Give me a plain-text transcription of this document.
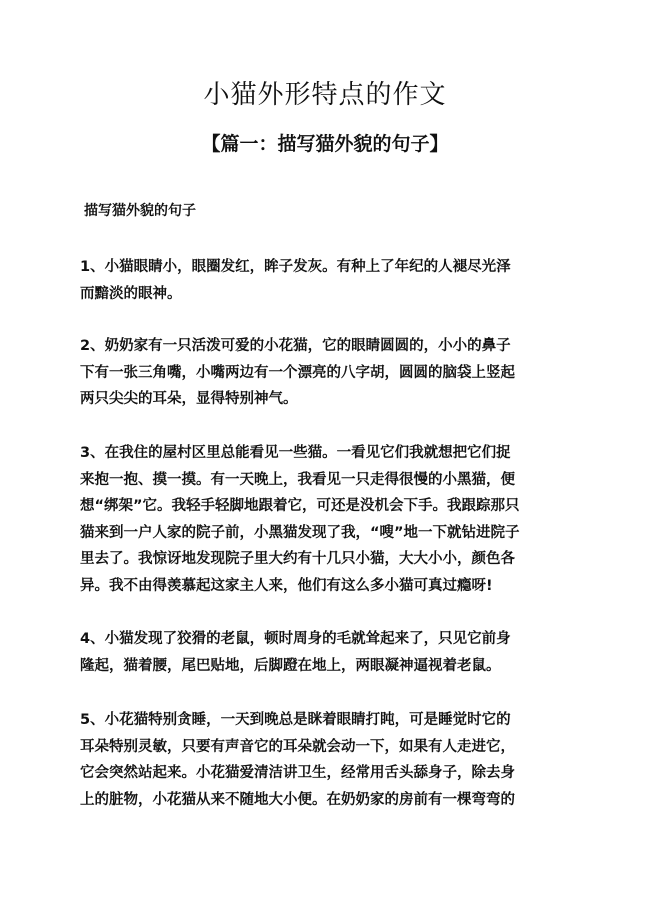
小猫外形特点的作文
【篇一：描写猫外貌的句子】
描写猫外貌的句子

1、小猫眼睛小，眼圈发红，眸子发灰。有种上了年纪的人褪尽光泽
而黯淡的眼神。

2、奶奶家有一只活泼可爱的小花猫，它的眼睛圆圆的，小小的鼻子
下有一张三角嘴，小嘴两边有一个漂亮的八字胡，圆圆的脑袋上竖起
两只尖尖的耳朵，显得特别神气。

3、在我住的屋村区里总能看见一些猫。一看见它们我就想把它们捉
来抱一抱、摸一摸。有一天晚上，我看见一只走得很慢的小黑猫，便
想“绑架”它。我轻手轻脚地跟着它，可还是没机会下手。我跟踪那只
猫来到一户人家的院子前，小黑猫发现了我，“嗖”地一下就钻进院子
里去了。我惊讶地发现院子里大约有十几只小猫，大大小小，颜色各
异。我不由得羡慕起这家主人来，他们有这么多小猫可真过瘾呀!

4、小猫发现了狡猾的老鼠，顿时周身的毛就耸起来了，只见它前身
隆起，猫着腰，尾巴贴地，后脚蹬在地上，两眼凝神逼视着老鼠。

5、小花猫特别贪睡，一天到晚总是眯着眼睛打盹，可是睡觉时它的
耳朵特别灵敏，只要有声音它的耳朵就会动一下，如果有人走进它，
它会突然站起来。小花猫爱清洁讲卫生，经常用舌头舔身子，除去身
上的脏物，小花猫从来不随地大小便。在奶奶家的房前有一棵弯弯的
